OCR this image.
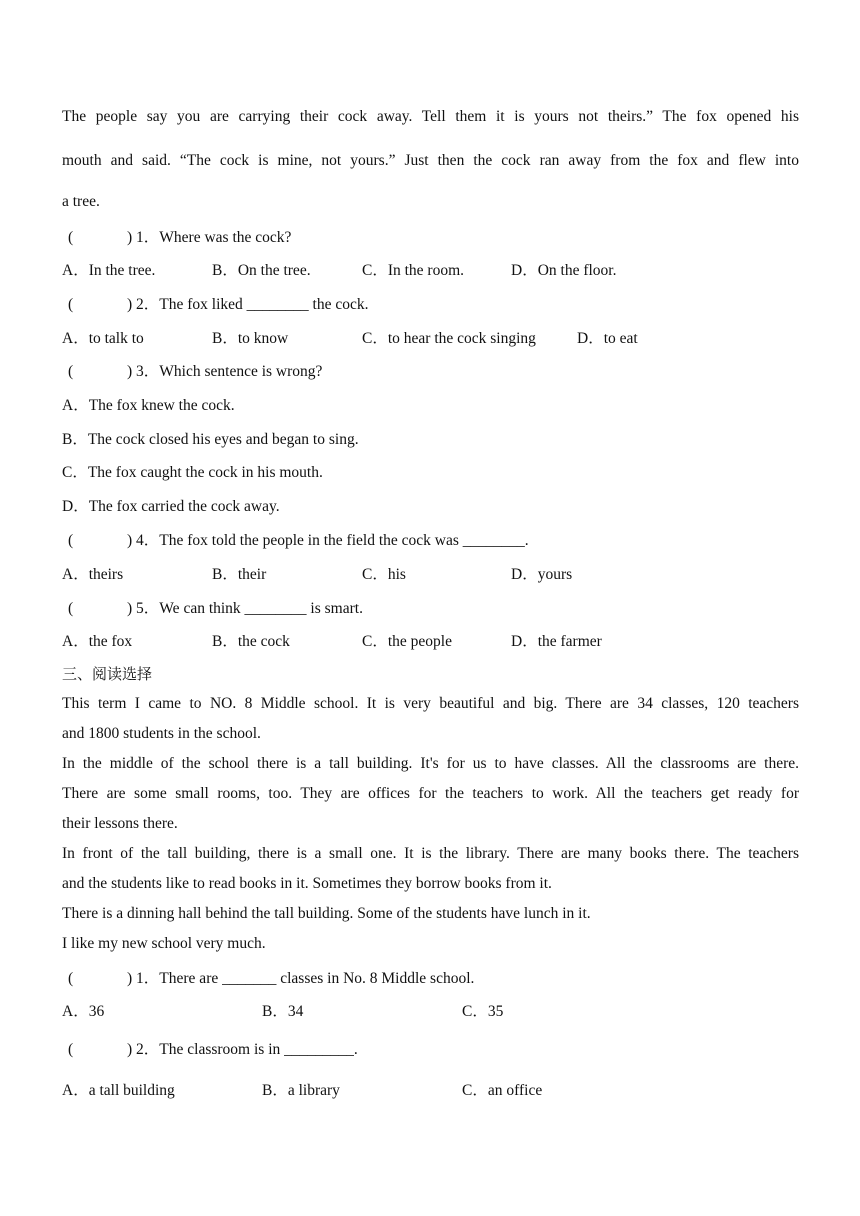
The people say you are carrying their cock away. Tell them it is yours not theirs.” The fox opened his
mouth and said. “The cock is mine, not yours.” Just then the cock ran away from the fox and flew into
a tree.
(	) 1．Where was the cock?
A．In the tree.	B．On the tree.	C．In the room.	D．On the floor.
(	) 2．The fox liked ________ the cock.
A．to talk to	B．to know	C．to hear the cock singing	D．to eat
(	) 3．Which sentence is wrong?
A．The fox knew the cock.
B．The cock closed his eyes and began to sing.
C．The fox caught the cock in his mouth.
D．The fox carried the cock away.
(	) 4．The fox told the people in the field the cock was ________.
A．theirs	B．their	C．his	D．yours
(	) 5．We can think ________ is smart.
A．the fox	B．the cock	C．the people	D．the farmer
三、阅读选择
This term I came to NO. 8 Middle school. It is very beautiful and big. There are 34 classes, 120 teachers
and 1800 students in the school.
In the middle of the school there is a tall building. It's for us to have classes. All the classrooms are there.
There are some small rooms, too. They are offices for the teachers to work. All the teachers get ready for
their lessons there.
In front of the tall building, there is a small one. It is the library. There are many books there. The teachers
and the students like to read books in it. Sometimes they borrow books from it.
There is a dinning hall behind the tall building. Some of the students have lunch in it.
I like my new school very much.
(	) 1．There are _______ classes in No. 8 Middle school.
A．36	B．34	C．35
(	) 2．The classroom is in _________.
A．a tall building	B．a library	C．an office
